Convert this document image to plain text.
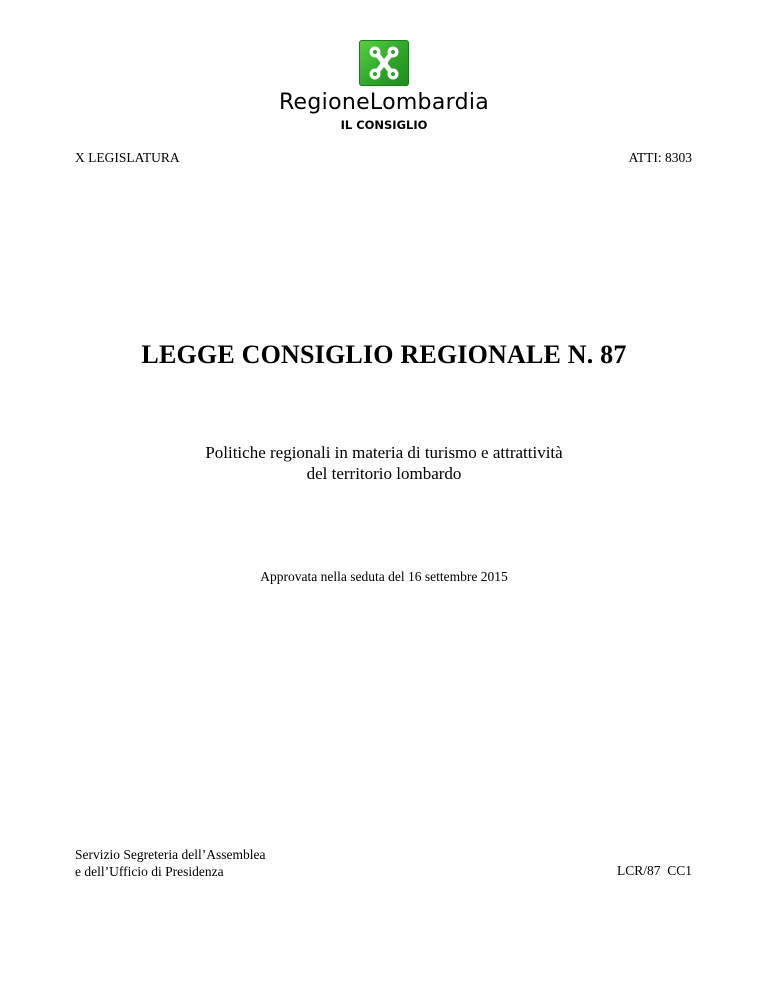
RegioneLombardia
IL CONSIGLIO
X LEGISLATURA	ATTI: 8303
LEGGE CONSIGLIO REGIONALE N. 87
Politiche regionali in materia di turismo e attrattività
del territorio lombardo
Approvata nella seduta del 16 settembre 2015
Servizio Segreteria dell’Assemblea
e dell’Ufficio di Presidenza	LCR/87  CC1
